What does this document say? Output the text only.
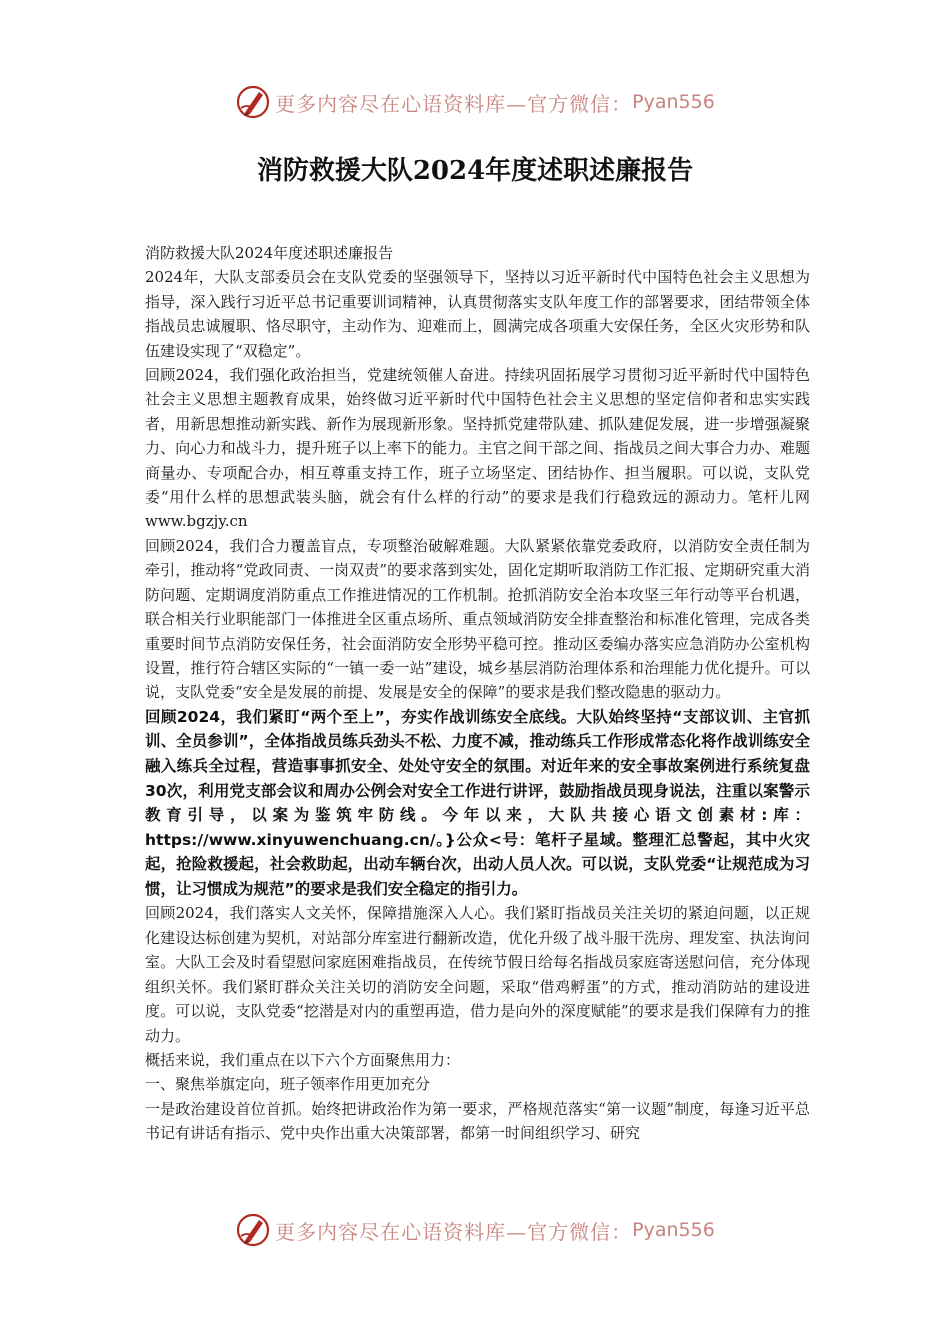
更多内容尽在心语资料库—官方微信： Pyan556
消防救援大队2024年度述职述廉报告

消防救援大队2024年度述职述廉报告

2024年，大队支部委员会在支队党委的坚强领导下，坚持以习近平新时代中国特色社会主义思想为指导，深入践行习近平总书记重要训词精神，认真贯彻落实支队年度工作的部署要求，团结带领全体指战员忠诚履职、恪尽职守，主动作为、迎难而上，圆满完成各项重大安保任务，全区火灾形势和队伍建设实现了“双稳定”。

回顾2024，我们强化政治担当，党建统领催人奋进。持续巩固拓展学习贯彻习近平新时代中国特色社会主义思想主题教育成果，始终做习近平新时代中国特色社会主义思想的坚定信仰者和忠实实践者，用新思想推动新实践、新作为展现新形象。坚持抓党建带队建、抓队建促发展，进一步增强凝聚力、向心力和战斗力，提升班子以上率下的能力。主官之间干部之间、指战员之间大事合力办、难题商量办、专项配合办，相互尊重支持工作，班子立场坚定、团结协作、担当履职。可以说，支队党委“用什么样的思想武装头脑，就会有什么样的行动”的要求是我们行稳致远的源动力。笔杆儿网www.bgzjy.cn

回顾2024，我们合力覆盖盲点，专项整治破解难题。大队紧紧依靠党委政府，以消防安全责任制为牵引，推动将“党政同责、一岗双责”的要求落到实处，固化定期听取消防工作汇报、定期研究重大消防问题、定期调度消防重点工作推进情况的工作机制。抢抓消防安全治本攻坚三年行动等平台机遇，联合相关行业职能部门一体推进全区重点场所、重点领域消防安全排查整治和标准化管理，完成各类重要时间节点消防安保任务，社会面消防安全形势平稳可控。推动区委编办落实应急消防办公室机构设置，推行符合辖区实际的“一镇一委一站”建设，城乡基层消防治理体系和治理能力优化提升。可以说，支队党委“安全是发展的前提、发展是安全的保障”的要求是我们整改隐患的驱动力。

回顾2024，我们紧盯“两个至上”，夯实作战训练安全底线。大队始终坚持“支部议训、主官抓训、全员参训”，全体指战员练兵劲头不松、力度不减，推动练兵工作形成常态化将作战训练安全融入练兵全过程，营造事事抓安全、处处守安全的氛围。对近年来的安全事故案例进行系统复盘30次，利用党支部会议和周办公例会对安全工作进行讲评，鼓励指战员现身说法，注重以案警示教育引导，以案为鉴筑牢防线。今年以来，大队共接心语文创素材:库：https://www.xinyuwenchuang.cn/。}公众<号：笔杆子星域。整理汇总警起，其中火灾起，抢险救援起，社会救助起，出动车辆台次，出动人员人次。可以说，支队党委“让规范成为习惯，让习惯成为规范”的要求是我们安全稳定的指引力。

回顾2024，我们落实人文关怀，保障措施深入人心。我们紧盯指战员关注关切的紧迫问题，以正规化建设达标创建为契机，对站部分库室进行翻新改造，优化升级了战斗服干洗房、理发室、执法询问室。大队工会及时看望慰问家庭困难指战员，在传统节假日给每名指战员家庭寄送慰问信，充分体现组织关怀。我们紧盯群众关注关切的消防安全问题，采取“借鸡孵蛋”的方式，推动消防站的建设进度。可以说，支队党委“挖潜是对内的重塑再造，借力是向外的深度赋能”的要求是我们保障有力的推动力。

概括来说，我们重点在以下六个方面聚焦用力：

一、聚焦举旗定向，班子领率作用更加充分

一是政治建设首位首抓。始终把讲政治作为第一要求，严格规范落实“第一议题”制度，每逢习近平总书记有讲话有指示、党中央作出重大决策部署，都第一时间组织学习、研究

更多内容尽在心语资料库—官方微信： Pyan556
